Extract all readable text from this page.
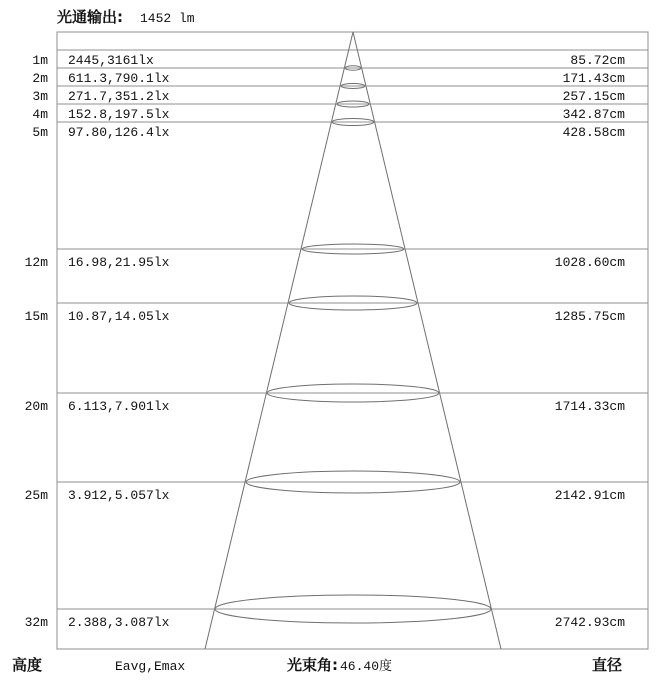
光通输出: 1452 lm
1m 2445,3161lx	85.72cm
2m 611.3,790.1lx	171.43cm
3m 271.7,351.2lx	257.15cm
4m 152.8,197.5lx	342.87cm
5m 97.80,126.4lx	428.58cm
12m 16.98,21.95lx	1028.60cm
15m 10.87,14.05lx	1285.75cm
20m 6.113,7.901lx	1714.33cm
25m 3.912,5.057lx	2142.91cm
32m 2.388,3.087lx	2742.93cm
高度	Eavg,Emax	光束角: 46.40度	直径
